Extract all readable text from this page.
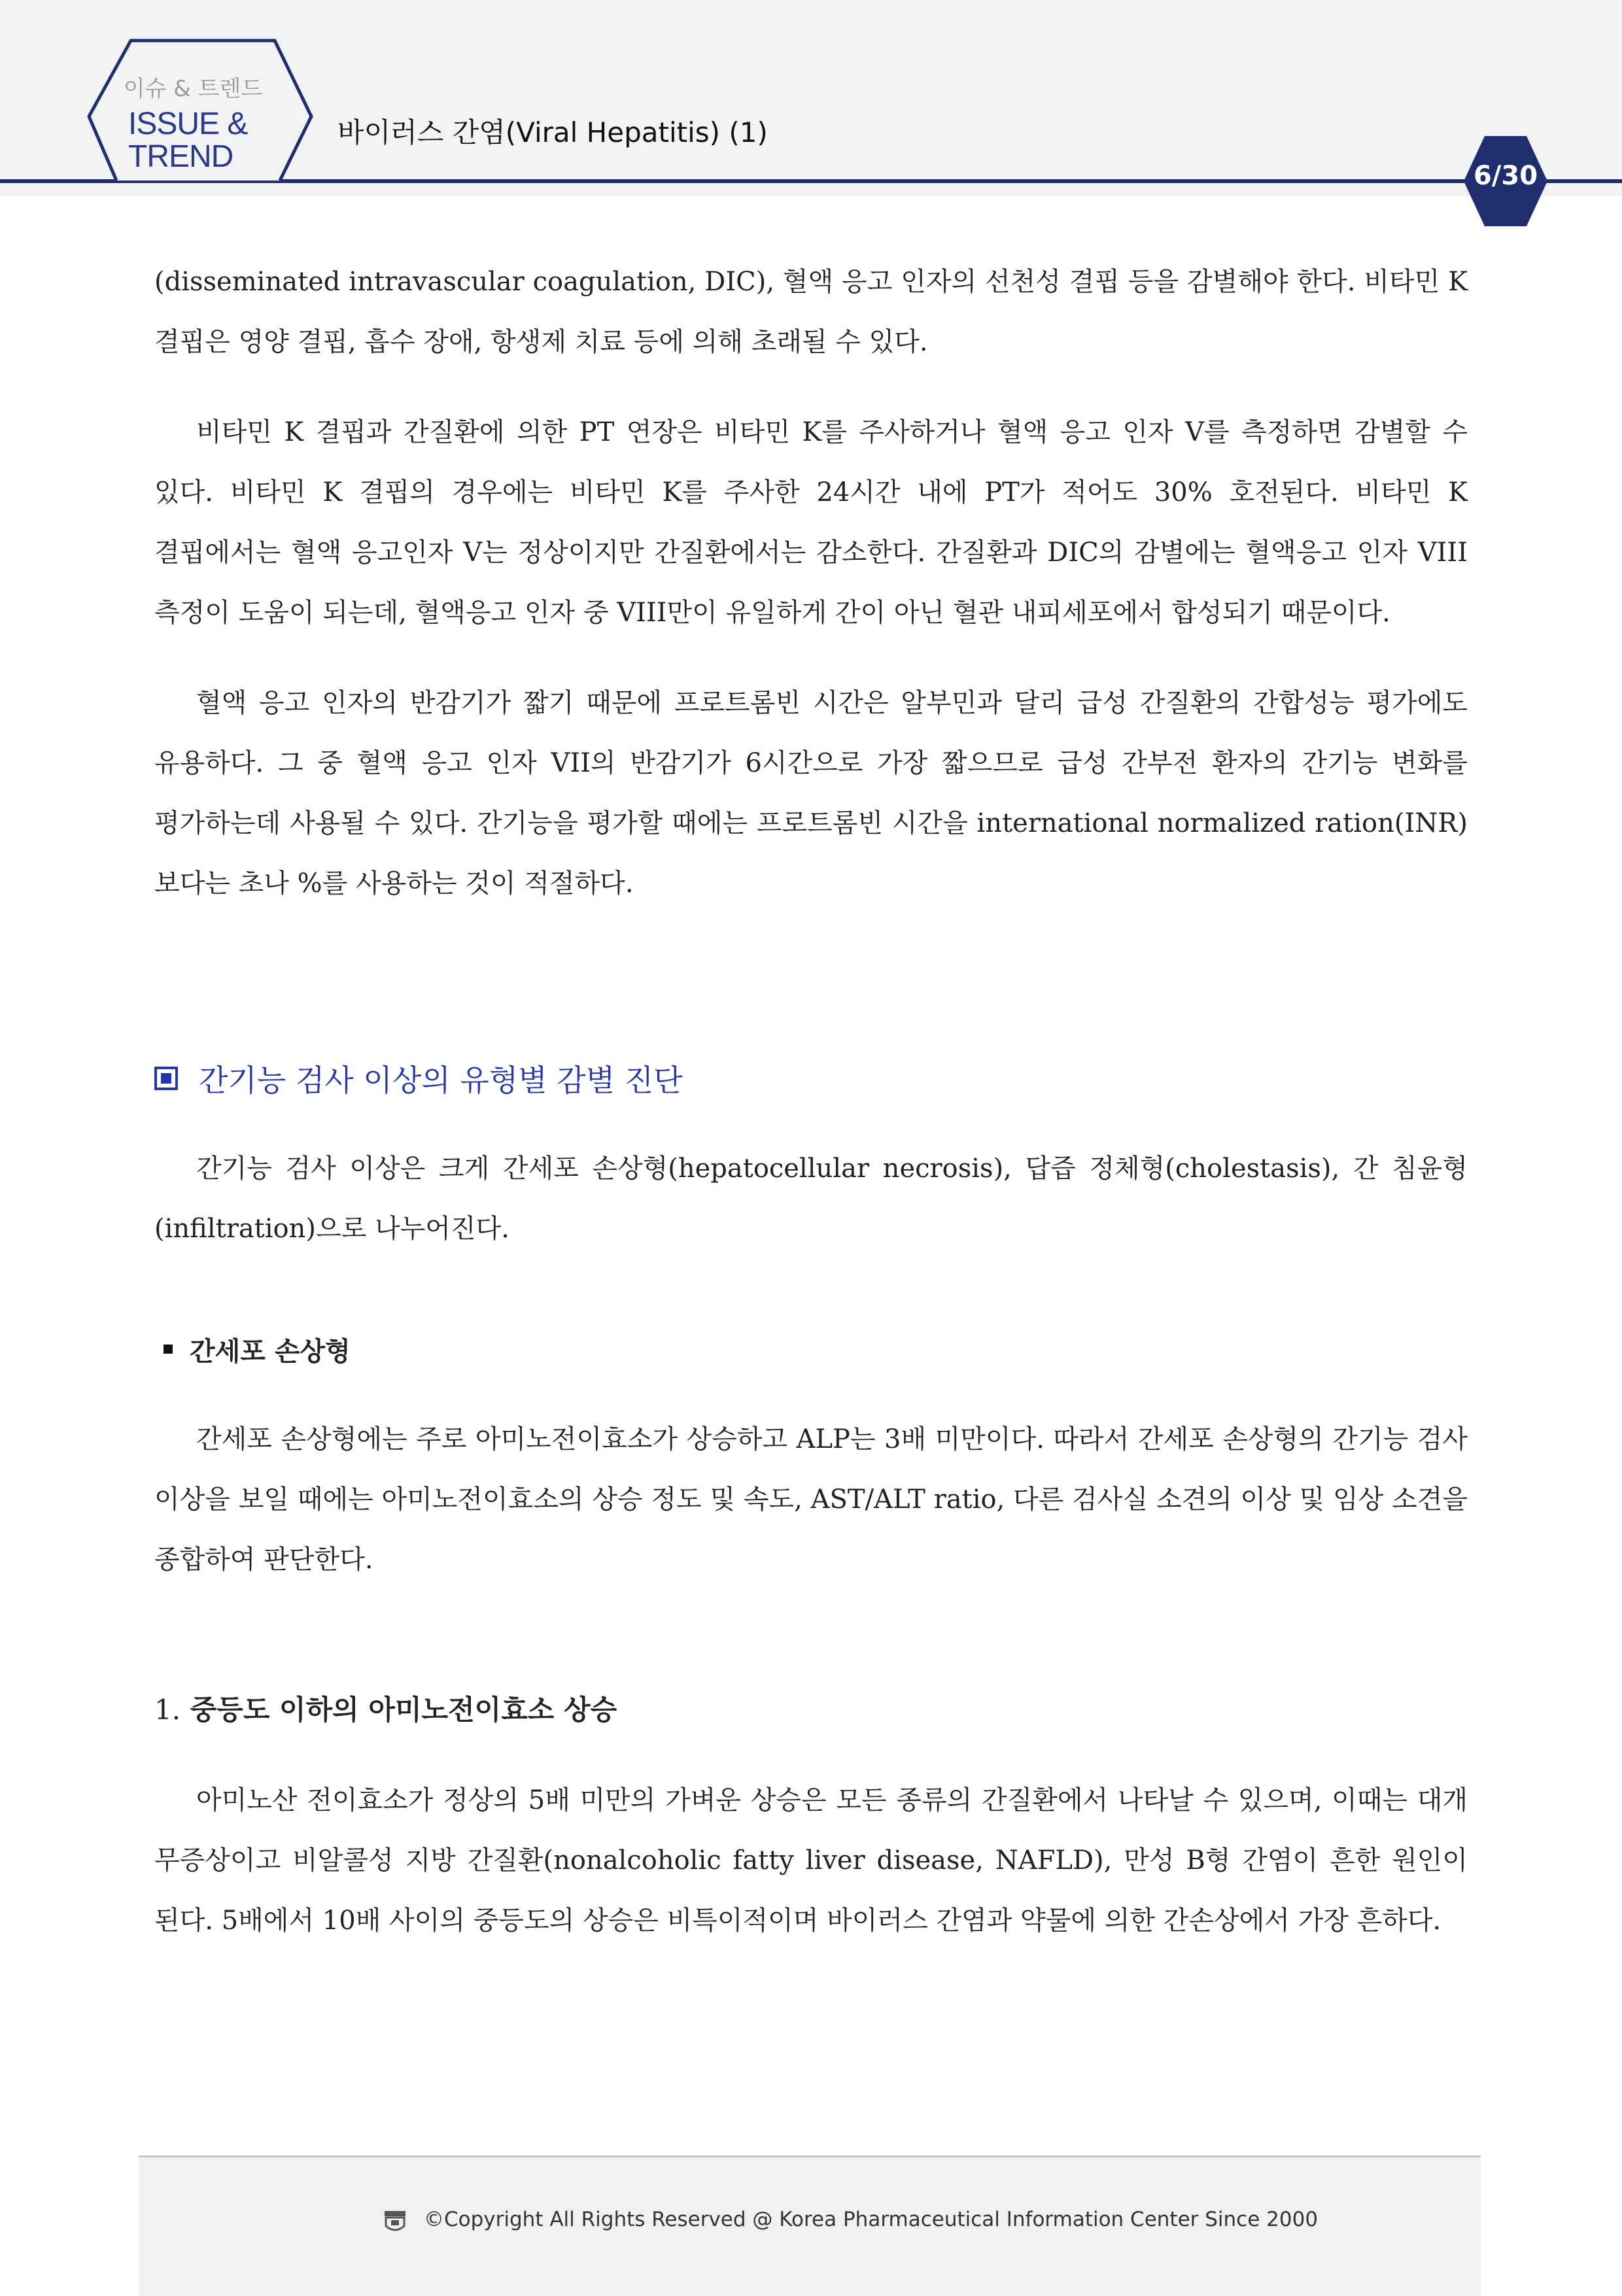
이슈 & 트렌드
ISSUE &
TREND
바이러스 간염(Viral Hepatitis) (1)
6/30

(disseminated intravascular coagulation, DIC), 혈액 응고 인자의 선천성 결핍 등을 감별해야 한다. 비타민 K 결핍은 영양 결핍, 흡수 장애, 항생제 치료 등에 의해 초래될 수 있다.

비타민 K 결핍과 간질환에 의한 PT 연장은 비타민 K를 주사하거나 혈액 응고 인자 V를 측정하면 감별할 수 있다. 비타민 K 결핍의 경우에는 비타민 K를 주사한 24시간 내에 PT가 적어도 30% 호전된다. 비타민 K 결핍에서는 혈액 응고인자 V는 정상이지만 간질환에서는 감소한다. 간질환과 DIC의 감별에는 혈액응고 인자 VIII 측정이 도움이 되는데, 혈액응고 인자 중 VIII만이 유일하게 간이 아닌 혈관 내피세포에서 합성되기 때문이다.

혈액 응고 인자의 반감기가 짧기 때문에 프로트롬빈 시간은 알부민과 달리 급성 간질환의 간합성능 평가에도 유용하다. 그 중 혈액 응고 인자 VII의 반감기가 6시간으로 가장 짧으므로 급성 간부전 환자의 간기능 변화를 평가하는데 사용될 수 있다. 간기능을 평가할 때에는 프로트롬빈 시간을 international normalized ration(INR) 보다는 초나 %를 사용하는 것이 적절하다.

간기능 검사 이상의 유형별 감별 진단

간기능 검사 이상은 크게 간세포 손상형(hepatocellular necrosis), 답즙 정체형(cholestasis), 간 침윤형(infiltration)으로 나누어진다.

간세포 손상형

간세포 손상형에는 주로 아미노전이효소가 상승하고 ALP는 3배 미만이다. 따라서 간세포 손상형의 간기능 검사 이상을 보일 때에는 아미노전이효소의 상승 정도 및 속도, AST/ALT ratio, 다른 검사실 소견의 이상 및 임상 소견을 종합하여 판단한다.

1. 중등도 이하의 아미노전이효소 상승

아미노산 전이효소가 정상의 5배 미만의 가벼운 상승은 모든 종류의 간질환에서 나타날 수 있으며, 이때는 대개 무증상이고 비알콜성 지방 간질환(nonalcoholic fatty liver disease, NAFLD), 만성 B형 간염이 흔한 원인이 된다. 5배에서 10배 사이의 중등도의 상승은 비특이적이며 바이러스 간염과 약물에 의한 간손상에서 가장 흔하다.

©Copyright All Rights Reserved @ Korea Pharmaceutical Information Center Since 2000
